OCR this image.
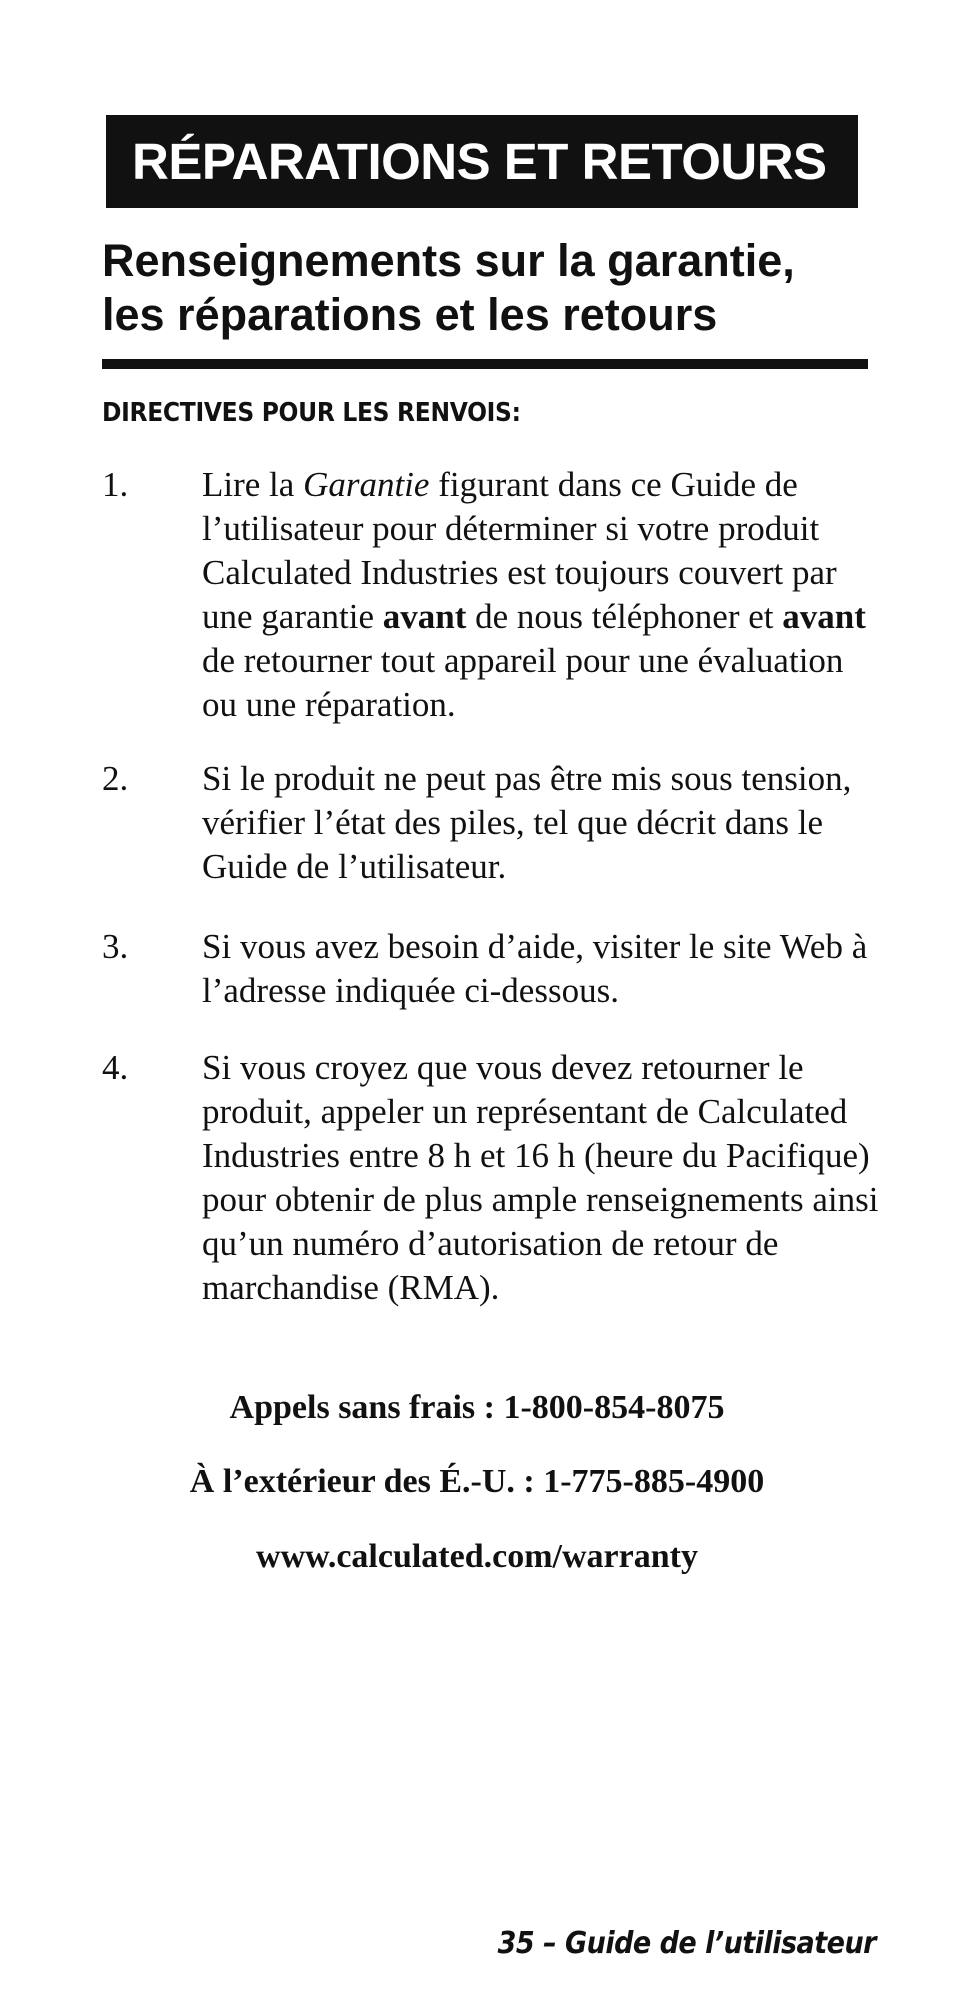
RÉPARATIONS ET RETOURS
Renseignements sur la garantie,
les réparations et les retours
DIRECTIVES POUR LES RENVOIS:
1. Lire la Garantie figurant dans ce Guide de l’utilisateur pour déterminer si votre produit Calculated Industries est toujours couvert par une garantie avant de nous téléphoner et avant de retourner tout appareil pour une évaluation ou une réparation.
2. Si le produit ne peut pas être mis sous tension, vérifier l’état des piles, tel que décrit dans le Guide de l’utilisateur.
3. Si vous avez besoin d’aide, visiter le site Web à l’adresse indiquée ci-dessous.
4. Si vous croyez que vous devez retourner le produit, appeler un représentant de Calculated Industries entre 8 h et 16 h (heure du Pacifique) pour obtenir de plus ample renseignements ainsi qu’un numéro d’autorisation de retour de marchandise (RMA).
Appels sans frais : 1-800-854-8075
À l’extérieur des É.-U. : 1-775-885-4900
www.calculated.com/warranty
35 – Guide de l’utilisateur
